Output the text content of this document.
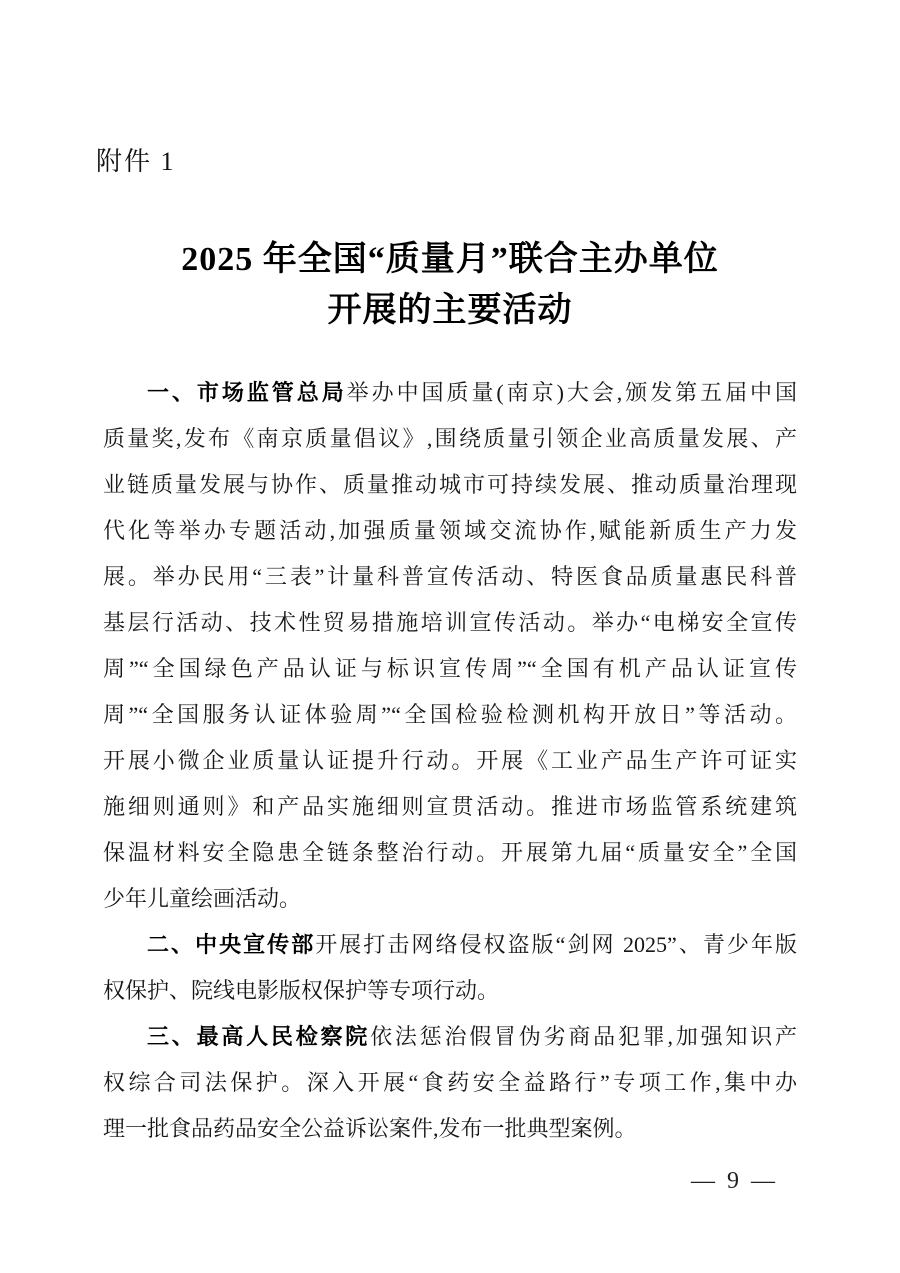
附件 1
2025 年全国“质量月”联合主办单位
开展的主要活动
一、市场监管总局举办中国质量(南京)大会,颁发第五届中国
质量奖,发布《南京质量倡议》,围绕质量引领企业高质量发展、产
业链质量发展与协作、质量推动城市可持续发展、推动质量治理现
代化等举办专题活动,加强质量领域交流协作,赋能新质生产力发
展。举办民用“三表”计量科普宣传活动、特医食品质量惠民科普
基层行活动、技术性贸易措施培训宣传活动。举办“电梯安全宣传
周”“全国绿色产品认证与标识宣传周”“全国有机产品认证宣传
周”“全国服务认证体验周”“全国检验检测机构开放日”等活动。
开展小微企业质量认证提升行动。开展《工业产品生产许可证实
施细则通则》和产品实施细则宣贯活动。推进市场监管系统建筑
保温材料安全隐患全链条整治行动。开展第九届“质量安全”全国
少年儿童绘画活动。
二、中央宣传部开展打击网络侵权盗版“剑网 2025”、青少年版
权保护、院线电影版权保护等专项行动。
三、最高人民检察院依法惩治假冒伪劣商品犯罪,加强知识产
权综合司法保护。深入开展“食药安全益路行”专项工作,集中办
理一批食品药品安全公益诉讼案件,发布一批典型案例。
— 9 —
